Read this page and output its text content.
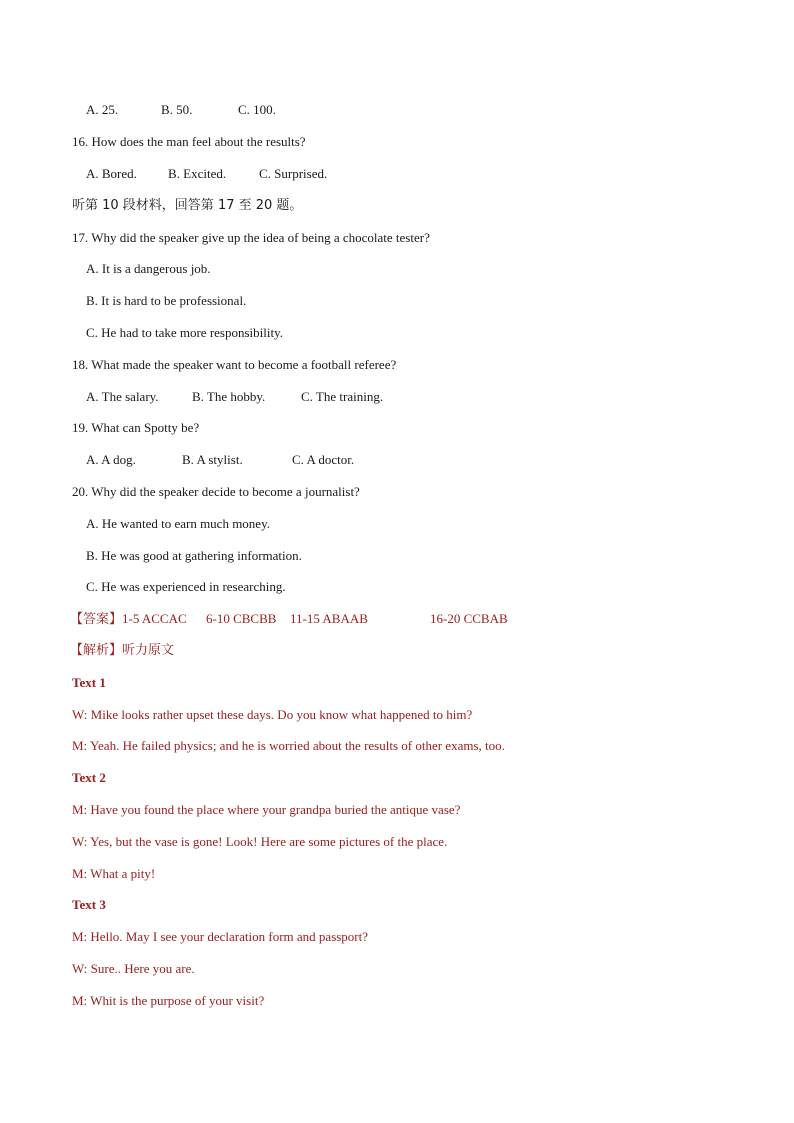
A. 25.	B. 50.	C. 100.
16. How does the man feel about the results?
A. Bored. B. Excited.	C. Surprised.
听第 10 段材料，回答第 17 至 20 题。
17. Why did the speaker give up the idea of being a chocolate tester?
A. It is a dangerous job.
B. It is hard to be professional.
C. He had to take more responsibility.
18. What made the speaker want to become a football referee?
A. The salary.	B. The hobby.	C. The training.
19. What can Spotty be?
A. A dog.	B. A stylist.	C. A doctor.
20. Why did the speaker decide to become a journalist?
A. He wanted to earn much money.
B. He was good at gathering information.
C. He was experienced in researching.
【答案】1-5 ACCAC 6-10 CBCBB 11-15 ABAAB	16-20 CCBAB
【解析】听力原文
Text 1
W: Mike looks rather upset these days. Do you know what happened to him?
M: Yeah. He failed physics; and he is worried about the results of other exams, too.
Text 2
M: Have you found the place where your grandpa buried the antique vase?
W: Yes, but the vase is gone! Look! Here are some pictures of the place.
M: What a pity!
Text 3
M: Hello. May I see your declaration form and passport?
W: Sure.. Here you are.
M: Whit is the purpose of your visit?
